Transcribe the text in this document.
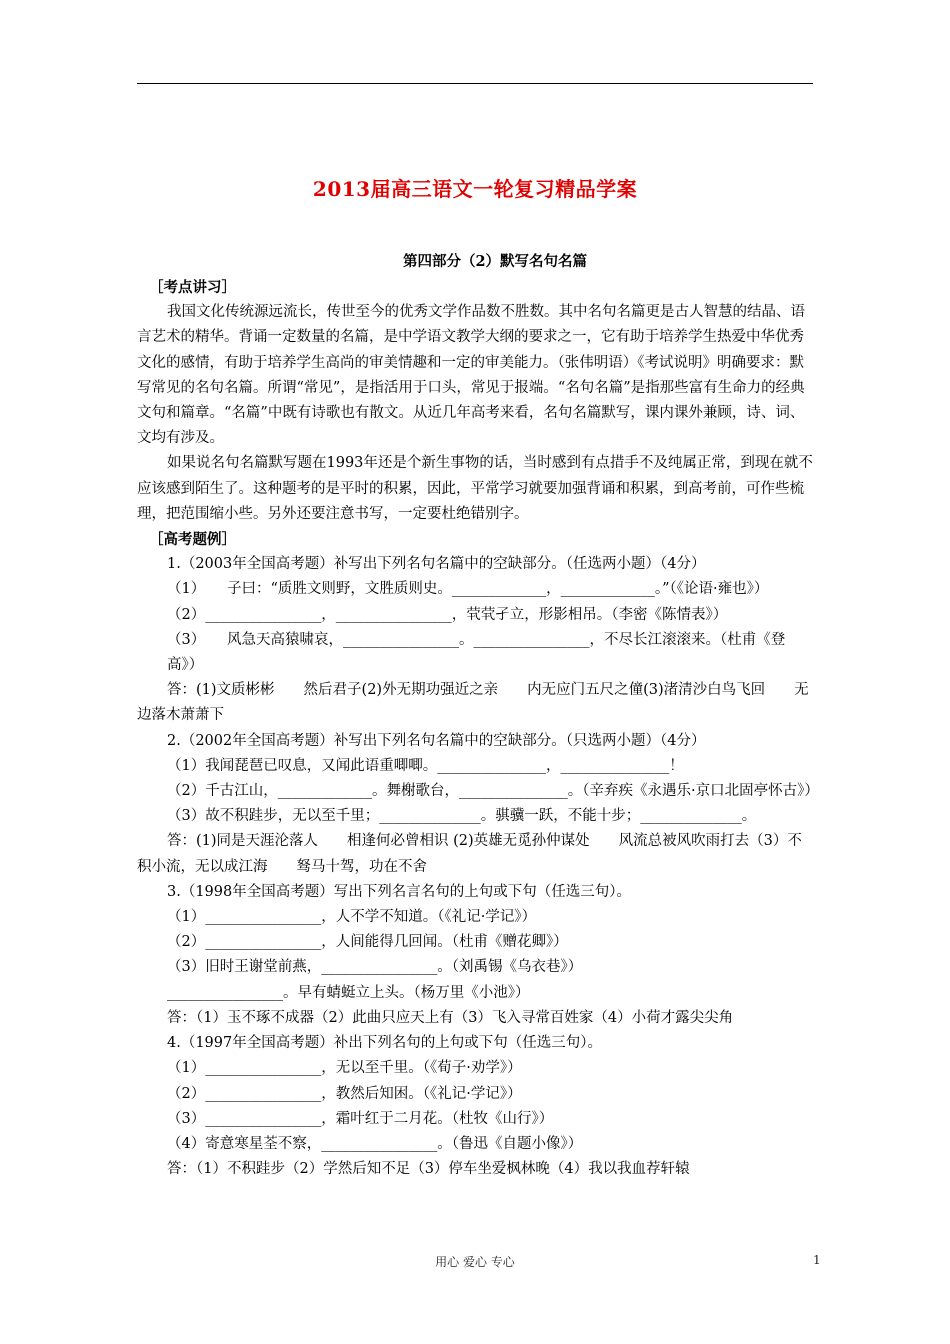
2013届高三语文一轮复习精品学案
第四部分（2）默写名句名篇

［考点讲习］

我国文化传统源远流长，传世至今的优秀文学作品数不胜数。其中名句名篇更是古人智慧的结晶、语言艺术的精华。背诵一定数量的名篇，是中学语文教学大纲的要求之一，它有助于培养学生热爱中华优秀文化的感情，有助于培养学生高尚的审美情趣和一定的审美能力。（张伟明语）《考试说明》明确要求：默写常见的名句名篇。所谓“常见”，是指活用于口头，常见于报端。“名句名篇”是指那些富有生命力的经典文句和篇章。“名篇”中既有诗歌也有散文。从近几年高考来看，名句名篇默写，课内课外兼顾，诗、词、文均有涉及。

如果说名句名篇默写题在1993年还是个新生事物的话，当时感到有点措手不及纯属正常，到现在就不应该感到陌生了。这种题考的是平时的积累，因此，平常学习就要加强背诵和积累，到高考前，可作些梳理，把范围缩小些。另外还要注意书写，一定要杜绝错别字。

［高考题例］

1.（2003年全国高考题）补写出下列名句名篇中的空缺部分。（任选两小题）（4分）

（1）　　子曰：“质胜文则野，文胜质则史。_____________，_____________。”（《论语·雍也》）

（2）________________，________________，茕茕孑立，形影相吊。（李密《陈情表》）

（3）　　风急天高猿啸哀，________________。________________，不尽长江滚滚来。（杜甫《登高》）

答：(1)文质彬彬　　然后君子(2)外无期功强近之亲　　内无应门五尺之僮(3)渚清沙白鸟飞回　　无边落木萧萧下

2.（2002年全国高考题）补写出下列名句名篇中的空缺部分。（只选两小题）（4分）

（1）我闻琵琶已叹息，又闻此语重唧唧。_______________，_______________！

（2）千古江山，_____________。舞榭歌台，_______________。（辛弃疾《永遇乐·京口北固亭怀古》）

（3）故不积跬步，无以至千里；______________。骐骥一跃，不能十步；______________。

答：(1)同是天涯沦落人　　相逢何必曾相识 (2)英雄无觅孙仲谋处　　风流总被风吹雨打去（3）不积小流，无以成江海　　驽马十驾，功在不舍

3.（1998年全国高考题）写出下列名言名句的上句或下句（任选三句）。

（1）________________，人不学不知道。（《礼记·学记》）

（2）________________，人间能得几回闻。（杜甫《赠花卿》）

（3）旧时王谢堂前燕，________________。（刘禹锡《乌衣巷》）

________________。早有蜻蜓立上头。（杨万里《小池》）

答：（1）玉不琢不成器（2）此曲只应天上有（3）飞入寻常百姓家（4）小荷才露尖尖角

4.（1997年全国高考题）补出下列名句的上句或下句（任选三句）。

（1）________________，无以至千里。（《荀子·劝学》）

（2）________________，教然后知困。（《礼记·学记》）

（3）________________，霜叶红于二月花。（杜牧《山行》）

（4）寄意寒星荃不察，________________。（鲁迅《自题小像》）

答：（1）不积跬步（2）学然后知不足（3）停车坐爱枫林晚（4）我以我血荐轩辕

用心 爱心 专心	1
